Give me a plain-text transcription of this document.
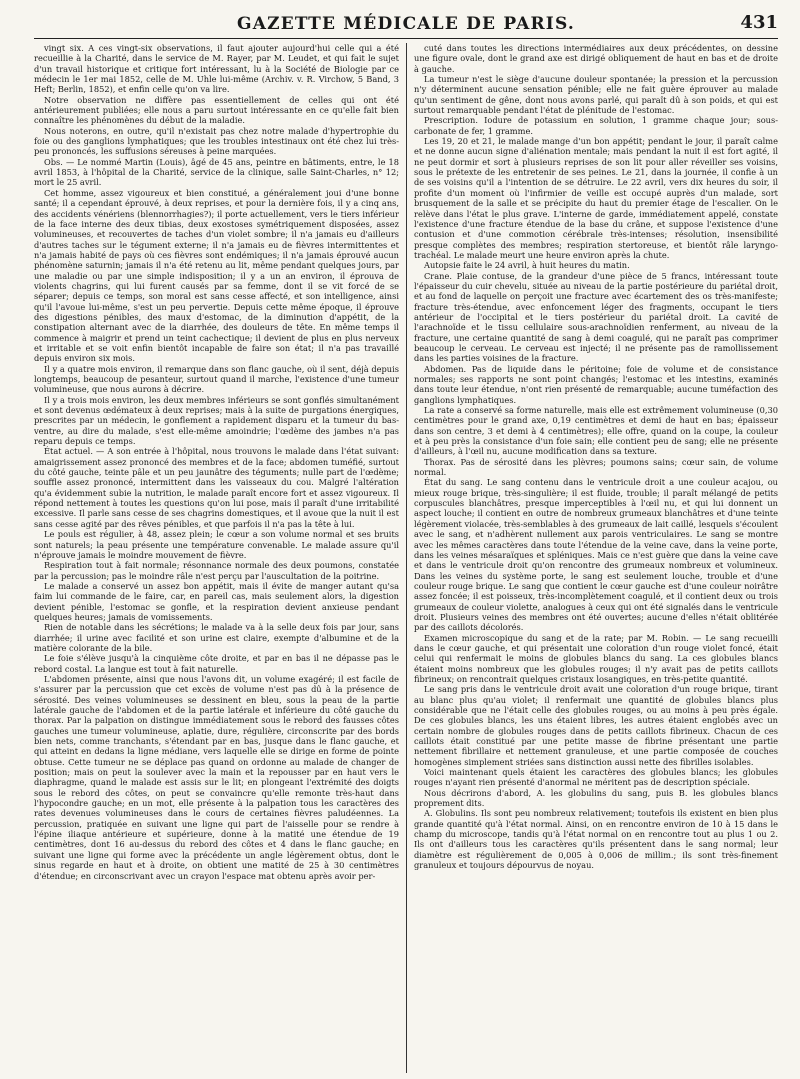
GAZETTE MÉDICALE DE PARIS.	431

vingt six. A ces vingt-six observations, il faut ajouter aujourd'hui celle qui a été recueillie à la Charité, dans le service de M. Rayer, par M. Leudet, et qui fait le sujet d'un travail historique et critique fort intéressant, lu à la Société de Biologie par ce médecin le 1er mai 1852, celle de M. Uhle lui-même (Archiv. v. R. Virchow, 5 Band, 3 Heft; Berlin, 1852), et enfin celle qu'on va lire.

Notre observation ne diffère pas essentiellement de celles qui ont été antérieurement publiées; elle nous a paru surtout intéressante en ce qu'elle fait bien connaître les phénomènes du début de la maladie.

Nous noterons, en outre, qu'il n'existait pas chez notre malade d'hypertrophie du foie ou des ganglions lymphatiques; que les troubles intestinaux ont été chez lui très-peu prononcés, les suffusions séreuses à peine marquées.

Obs. — Le nommé Martin (Louis), âgé de 45 ans, peintre en bâtiments, entre, le 18 avril 1853, à l'hôpital de la Charité, service de la clinique, salle Saint-Charles, n° 12; mort le 25 avril.

Cet homme, assez vigoureux et bien constitué, a généralement joui d'une bonne santé; il a cependant éprouvé, à deux reprises, et pour la dernière fois, il y a cinq ans, des accidents vénériens (blennorrhagies?); il porte actuellement, vers le tiers inférieur de la face interne des deux tibias, deux exostoses symétriquement disposées, assez volumineuses, et recouvertes de taches d'un violet sombre; il n'a jamais eu d'ailleurs d'autres taches sur le tégument externe; il n'a jamais eu de fièvres intermittentes et n'a jamais habité de pays où ces fièvres sont endémiques; il n'a jamais éprouvé aucun phénomène saturnin; jamais il n'a été retenu au lit, même pendant quelques jours, par une maladie ou par une simple indisposition; il y a un an environ, il éprouva de violents chagrins, qui lui furent causés par sa femme, dont il se vit forcé de se séparer; depuis ce temps, son moral est sans cesse affecté, et son intelligence, ainsi qu'il l'avoue lui-même, s'est un peu pervertie. Depuis cette même époque, il éprouve des digestions pénibles, des maux d'estomac, de la diminution d'appétit, de la constipation alternant avec de la diarrhée, des douleurs de tête. En même temps il commence à maigrir et prend un teint cachectique; il devient de plus en plus nerveux et irritable et se voit enfin bientôt incapable de faire son état; il n'a pas travaillé depuis environ six mois.

Il y a quatre mois environ, il remarque dans son flanc gauche, où il sent, déjà depuis longtemps, beaucoup de pesanteur, surtout quand il marche, l'existence d'une tumeur volumineuse, que nous aurons à décrire.

Il y a trois mois environ, les deux membres inférieurs se sont gonflés simultanément et sont devenus œdémateux à deux reprises; mais à la suite de purgations énergiques, prescrites par un médecin, le gonflement a rapidement disparu et la tumeur du bas-ventre, au dire du malade, s'est elle-même amoindrie; l'œdème des jambes n'a pas reparu depuis ce temps.

État actuel. — A son entrée à l'hôpital, nous trouvons le malade dans l'état suivant: amaigrissement assez prononcé des membres et de la face; abdomen tuméfié, surtout du côté gauche, teinte pâle et un peu jaunâtre des téguments; nulle part de l'œdème; souffle assez prononcé, intermittent dans les vaisseaux du cou. Malgré l'altération qu'a évidemment subie la nutrition, le malade paraît encore fort et assez vigoureux. Il répond nettement à toutes les questions qu'on lui pose, mais il paraît d'une irritabilité excessive. Il parle sans cesse de ses chagrins domestiques, et il avoue que la nuit il est sans cesse agité par des rêves pénibles, et que parfois il n'a pas la tête à lui.

Le pouls est régulier, à 48, assez plein; le cœur a son volume normal et ses bruits sont naturels; la peau présente une température convenable. Le malade assure qu'il n'éprouve jamais le moindre mouvement de fièvre.

Respiration tout à fait normale; résonnance normale des deux poumons, constatée par la percussion; pas le moindre râle n'est perçu par l'auscultation de la poitrine.

Le malade a conservé un assez bon appétit, mais il évite de manger autant qu'sa faim lui commande de le faire, car, en pareil cas, mais seulement alors, la digestion devient pénible, l'estomac se gonfle, et la respiration devient anxieuse pendant quelques heures; jamais de vomissements.

Rien de notable dans les sécrétions; le malade va à la selle deux fois par jour, sans diarrhée; il urine avec facilité et son urine est claire, exempte d'albumine et de la matière colorante de la bile.

Le foie s'élève jusqu'à la cinquième côte droite, et par en bas il ne dépasse pas le rebord costal. La langue est tout à fait naturelle.

L'abdomen présente, ainsi que nous l'avons dit, un volume exagéré; il est facile de s'assurer par la percussion que cet excès de volume n'est pas dû à la présence de sérosité. Des veines volumineuses se dessinent en bleu, sous la peau de la partie latérale gauche de l'abdomen et de la partie latérale et inférieure du côté gauche du thorax. Par la palpation on distingue immédiatement sous le rebord des fausses côtes gauches une tumeur volumineuse, aplatie, dure, régulière, circonscrite par des bords bien nets, comme tranchants, s'étendant par en bas, jusque dans le flanc gauche, et qui atteint en dedans la ligne médiane, vers laquelle elle se dirige en forme de pointe obtuse. Cette tumeur ne se déplace pas quand on ordonne au malade de changer de position; mais on peut la soulever avec la main et la repousser par en haut vers le diaphragme, quand le malade est assis sur le lit; en plongeant l'extrémité des doigts sous le rebord des côtes, on peut se convaincre qu'elle remonte très-haut dans l'hypocondre gauche; en un mot, elle présente à la palpation tous les caractères des rates devenues volumineuses dans le cours de certaines fièvres paludéennes. La percussion, pratiquée en suivant une ligne qui part de l'aisselle pour se rendre à l'épine iliaque antérieure et supérieure, donne à la matité une étendue de 19 centimètres, dont 16 au-dessus du rebord des côtes et 4 dans le flanc gauche; en suivant une ligne qui forme avec la précédente un angle légèrement obtus, dont le sinus regarde en haut et à droite, on obtient une matité de 25 à 30 centimètres d'étendue; en circonscrivant avec un crayon l'espace mat obtenu après avoir per-

cuté dans toutes les directions intermédiaires aux deux précédentes, on dessine une figure ovale, dont le grand axe est dirigé obliquement de haut en bas et de droite à gauche.

La tumeur n'est le siège d'aucune douleur spontanée; la pression et la percussion n'y déterminent aucune sensation pénible; elle ne fait guère éprouver au malade qu'un sentiment de gêne, dont nous avons parlé, qui paraît dû à son poids, et qui est surtout remarquable pendant l'état de plénitude de l'estomac.

Prescription. Iodure de potassium en solution, 1 gramme chaque jour; sous-carbonate de fer, 1 gramme.

Les 19, 20 et 21, le malade mange d'un bon appétit; pendant le jour, il paraît calme et ne donne aucun signe d'aliénation mentale; mais pendant la nuit il est fort agité, il ne peut dormir et sort à plusieurs reprises de son lit pour aller réveiller ses voisins, sous le prétexte de les entretenir de ses peines. Le 21, dans la journée, il confie à un de ses voisins qu'il a l'intention de se détruire. Le 22 avril, vers dix heures du soir, il profite d'un moment où l'infirmier de veille est occupé auprès d'un malade, sort brusquement de la salle et se précipite du haut du premier étage de l'escalier. On le relève dans l'état le plus grave. L'interne de garde, immédiatement appelé, constate l'existence d'une fracture étendue de la base du crâne, et suppose l'existence d'une contusion et d'une commotion cérébrale très-intenses; résolution, insensibilité presque complètes des membres; respiration stertoreuse, et bientôt râle laryngo-trachéal. Le malade meurt une heure environ après la chute.

Autopsie faite le 24 avril, à huit heures du matin.

Crane. Plaie contuse, de la grandeur d'une pièce de 5 francs, intéressant toute l'épaisseur du cuir chevelu, située au niveau de la partie postérieure du pariétal droit, et au fond de laquelle on perçoit une fracture avec écartement des os très-manifeste; fracture très-étendue, avec enfoncement léger des fragments, occupant le tiers antérieur de l'occipital et le tiers postérieur du pariétal droit. La cavité de l'arachnoïde et le tissu cellulaire sous-arachnoïdien renferment, au niveau de la fracture, une certaine quantité de sang à demi coagulé, qui ne paraît pas comprimer beaucoup le cerveau. Le cerveau est injecté; il ne présente pas de ramollissement dans les parties voisines de la fracture.

Abdomen. Pas de liquide dans le péritoine; foie de volume et de consistance normales; ses rapports ne sont point changés; l'estomac et les intestins, examinés dans toute leur étendue, n'ont rien présenté de remarquable; aucune tuméfaction des ganglions lymphatiques.

La rate a conservé sa forme naturelle, mais elle est extrêmement volumineuse (0,30 centimètres pour le grand axe, 0,19 centimètres et demi de haut en bas; épaisseur dans son centre, 3 et demi à 4 centimètres); elle offre, quand on la coupe, la couleur et à peu près la consistance d'un foie sain; elle contient peu de sang; elle ne présente d'ailleurs, à l'œil nu, aucune modification dans sa texture.

Thorax. Pas de sérosité dans les plèvres; poumons sains; cœur sain, de volume normal.

État du sang. Le sang contenu dans le ventricule droit a une couleur acajou, ou mieux rouge brique, très-singulière; il est fluide, trouble; il paraît mélangé de petits corpuscules blanchâtres, presque imperceptibles à l'œil nu, et qui lui donnent un aspect louche; il contient en outre de nombreux grumeaux blanchâtres et d'une teinte légèrement violacée, très-semblables à des grumeaux de lait caillé, lesquels s'écoulent avec le sang, et n'adhèrent nullement aux parois ventriculaires. Le sang se montre avec les mêmes caractères dans toute l'étendue de la veine cave, dans la veine porte, dans les veines mésaraïques et spléniques. Mais ce n'est guère que dans la veine cave et dans le ventricule droit qu'on rencontre des grumeaux nombreux et volumineux. Dans les veines du système porte, le sang est seulement louche, trouble et d'une couleur rouge brique. Le sang que contient le cœur gauche est d'une couleur noirâtre assez foncée; il est poisseux, très-incomplètement coagulé, et il contient deux ou trois grumeaux de couleur violette, analogues à ceux qui ont été signalés dans le ventricule droit. Plusieurs veines des membres ont été ouvertes; aucune d'elles n'était oblitérée par des caillots décolorés.

Examen microscopique du sang et de la rate; par M. Robin. — Le sang recueilli dans le cœur gauche, et qui présentait une coloration d'un rouge violet foncé, était celui qui renfermait le moins de globules blancs du sang. La ces globules blancs étaient moins nombreux que les globules rouges; il n'y avait pas de petits caillots fibrineux; on rencontrait quelques cristaux losangiques, en très-petite quantité.

Le sang pris dans le ventricule droit avait une coloration d'un rouge brique, tirant au blanc plus qu'au violet; il renfermait une quantité de globules blancs plus considérable que ne l'était celle des globules rouges, ou au moins à peu près égale. De ces globules blancs, les uns étaient libres, les autres étaient englobés avec un certain nombre de globules rouges dans de petits caillots fibrineux. Chacun de ces caillots était constitué par une petite masse de fibrine présentant une partie nettement fibrillaire et nettement granuleuse, et une partie composée de couches homogènes simplement striées sans distinction aussi nette des fibrilles isolables.

Voici maintenant quels étaient les caractères des globules blancs; les globules rouges n'ayant rien présenté d'anormal ne méritent pas de description spéciale.

Nous décrirons d'abord, A. les globulins du sang, puis B. les globules blancs proprement dits.

A. Globulins. Ils sont peu nombreux relativement; toutefois ils existent en bien plus grande quantité qu'à l'état normal. Ainsi, on en rencontre environ de 10 à 15 dans le champ du microscope, tandis qu'à l'état normal on en rencontre tout au plus 1 ou 2. Ils ont d'ailleurs tous les caractères qu'ils présentent dans le sang normal; leur diamètre est régulièrement de 0,005 à 0,006 de millim.; ils sont très-finement granuleux et toujours dépourvus de noyau.
